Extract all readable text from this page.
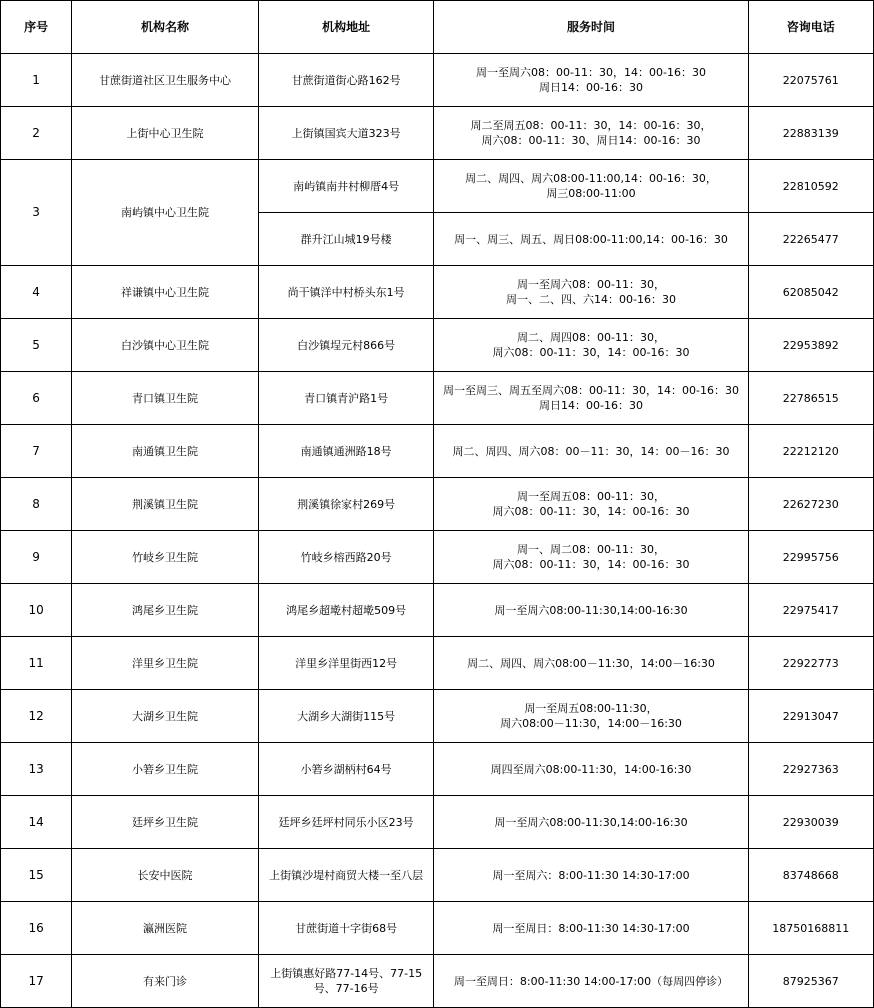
序号	机构名称	机构地址	服务时间	咨询电话
1	甘蔗街道社区卫生服务中心	甘蔗街道街心路162号	周一至周六08：00-11：30，14：00-16：30
周日14：00-16：30	22075761
2	上街中心卫生院	上街镇国宾大道323号	周二至周五08：00-11：30，14：00-16：30，
周六08：00-11：30、周日14：00-16：30	22883139
3	南屿镇中心卫生院	南屿镇南井村柳厝4号	周二、周四、周六08:00-11:00,14：00-16：30，
周三08:00-11:00	22810592
		群升江山城19号楼	周一、周三、周五、周日08:00-11:00,14：00-16：30	22265477
4	祥谦镇中心卫生院	尚干镇洋中村桥头东1号	周一至周六08：00-11：30，
周一、二、四、六14：00-16：30	62085042
5	白沙镇中心卫生院	白沙镇埕元村866号	周二、周四08：00-11：30，
周六08：00-11：30，14：00-16：30	22953892
6	青口镇卫生院	青口镇青沪路1号	周一至周三、周五至周六08：00-11：30，14：00-16：30
周日14：00-16：30	22786515
7	南通镇卫生院	南通镇通洲路18号	周二、周四、周六08：00－11：30，14：00－16：30	22212120
8	荆溪镇卫生院	荆溪镇徐家村269号	周一至周五08：00-11：30，
周六08：00-11：30，14：00-16：30	22627230
9	竹岐乡卫生院	竹岐乡榕西路20号	周一、周二08：00-11：30，
周六08：00-11：30，14：00-16：30	22995756
10	鸿尾乡卫生院	鸿尾乡超墘村超墘509号	周一至周六08:00-11:30,14:00-16:30	22975417
11	洋里乡卫生院	洋里乡洋里街西12号	周二、周四、周六08:00－11:30，14:00－16:30	22922773
12	大湖乡卫生院	大湖乡大湖街115号	周一至周五08:00-11:30，
周六08:00－11:30，14:00－16:30	22913047
13	小箬乡卫生院	小箬乡湖柄村64号	周四至周六08:00-11:30，14:00-16:30	22927363
14	廷坪乡卫生院	廷坪乡廷坪村同乐小区23号	周一至周六08:00-11:30,14:00-16:30	22930039
15	长安中医院	上街镇沙堤村商贸大楼一至八层	周一至周六：8:00-11:30 14:30-17:00	83748668
16	瀛洲医院	甘蔗街道十字街68号	周一至周日：8:00-11:30 14:30-17:00	18750168811
17	有来门诊	上街镇惠好路77-14号、77-15号、77-16号	周一至周日：8:00-11:30 14:00-17:00（每周四停诊）	87925367
